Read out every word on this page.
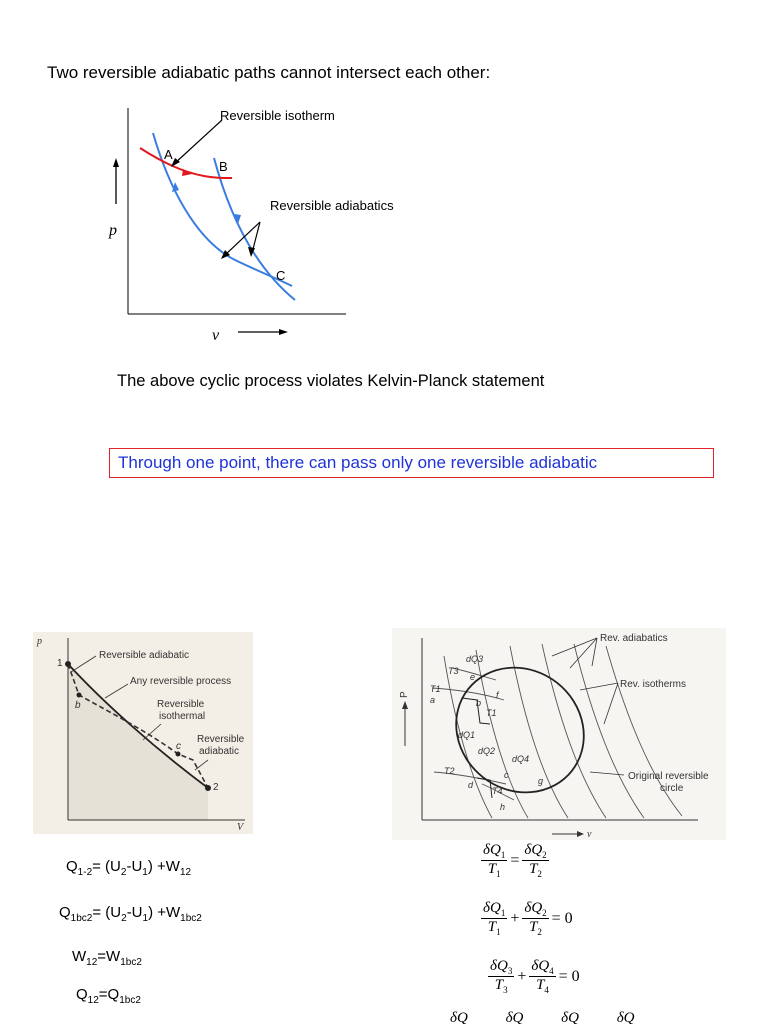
Two reversible adiabatic paths cannot intersect each other:
p
v
Reversible isotherm
Reversible adiabatics
A
B
C
The above cyclic process violates Kelvin-Planck statement
Through one point, there can pass only one reversible adiabatic
p
V
Reversible adiabatic
Any reversible process
Reversible
isothermal
Reversible
adiabatic
1
2
b
c
P
v
Rev. adiabatics
Rev. isotherms
Original reversible
circle
T3
e
T1
a	b
f
T1
dQ3
dQ1
dQ2
dQ4
T2
d
c
g
T4
h
$Q_{1-2}= (U_2-U_1) +W_{12}$
$Q_{1bc2}= (U_2-U_1) +W_{1bc2}$
$W_{12}=W_{1bc2}$
$Q_{12}=Q_{1bc2}$
$\frac{\delta Q_1}{T_1} = \frac{\delta Q_2}{T_2}$
$\frac{\delta Q_1}{T_1} + \frac{\delta Q_2}{T_2} = 0$
$\frac{\delta Q_3}{T_3} + \frac{\delta Q_4}{T_4} = 0$
δQ	δQ	δQ	δQ
